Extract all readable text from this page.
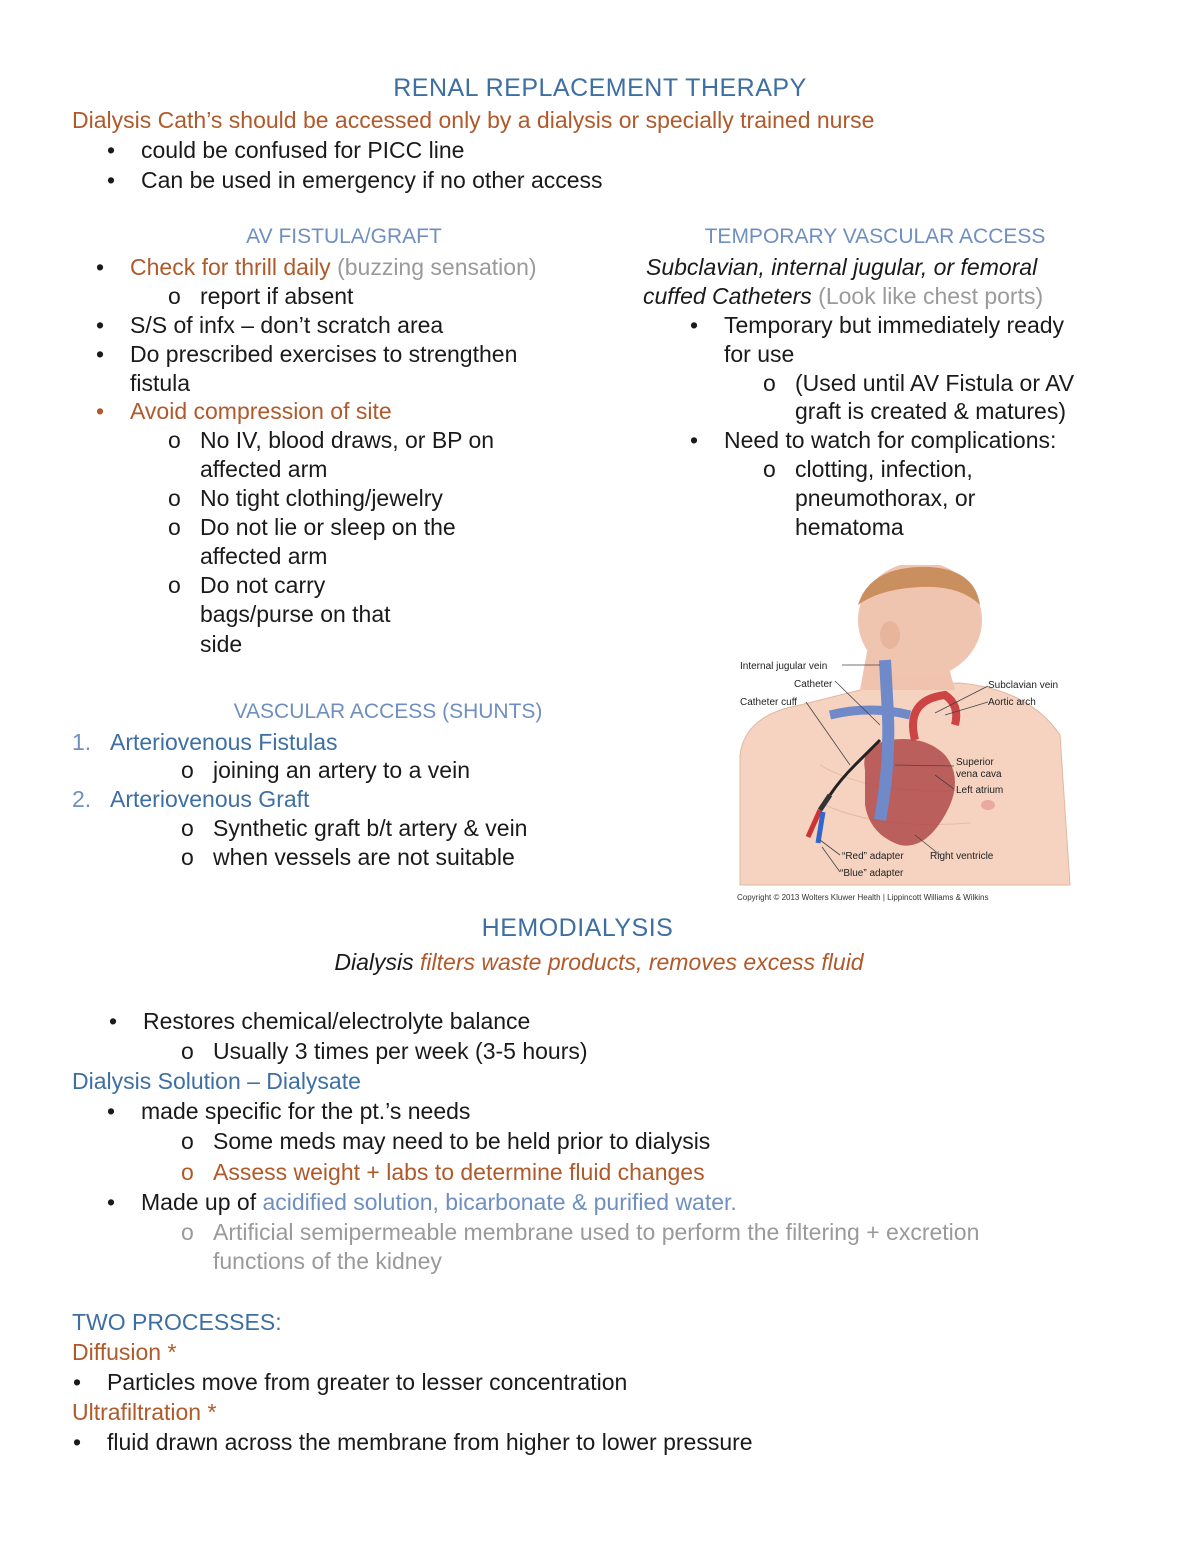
RENAL REPLACEMENT THERAPY
Dialysis Cath’s should be accessed only by a dialysis or specially trained nurse
• could be confused for PICC line
• Can be used in emergency if no other access
AV FISTULA/GRAFT
• Check for thrill daily (buzzing sensation)
o report if absent
• S/S of infx – don’t scratch area
• Do prescribed exercises to strengthen
fistula
• Avoid compression of site
o No IV, blood draws, or BP on
affected arm
o No tight clothing/jewelry
o Do not lie or sleep on the
affected arm
o Do not carry
bags/purse on that
side
TEMPORARY VASCULAR ACCESS
Subclavian, internal jugular, or femoral
cuffed Catheters (Look like chest ports)
• Temporary but immediately ready
for use
o (Used until AV Fistula or AV
graft is created & matures)
• Need to watch for complications:
o clotting, infection,
pneumothorax, or
hematoma
Internal jugular vein
Catheter
Catheter cuff
Subclavian vein
Aortic arch
Superior
vena cava
Left atrium
“Red” adapter	Right ventricle
“Blue” adapter
Copyright © 2013 Wolters Kluwer Health | Lippincott Williams & Wilkins
VASCULAR ACCESS (SHUNTS)
1. Arteriovenous Fistulas
o joining an artery to a vein
2. Arteriovenous Graft
o Synthetic graft b/t artery & vein
o when vessels are not suitable
HEMODIALYSIS
Dialysis filters waste products, removes excess fluid
• Restores chemical/electrolyte balance
o Usually 3 times per week (3-5 hours)
Dialysis Solution – Dialysate
• made specific for the pt.’s needs
o Some meds may need to be held prior to dialysis
o Assess weight + labs to determine fluid changes
• Made up of acidified solution, bicarbonate & purified water.
o Artificial semipermeable membrane used to perform the filtering + excretion
functions of the kidney
TWO PROCESSES:
Diffusion *
• Particles move from greater to lesser concentration
Ultrafiltration *
• fluid drawn across the membrane from higher to lower pressure
